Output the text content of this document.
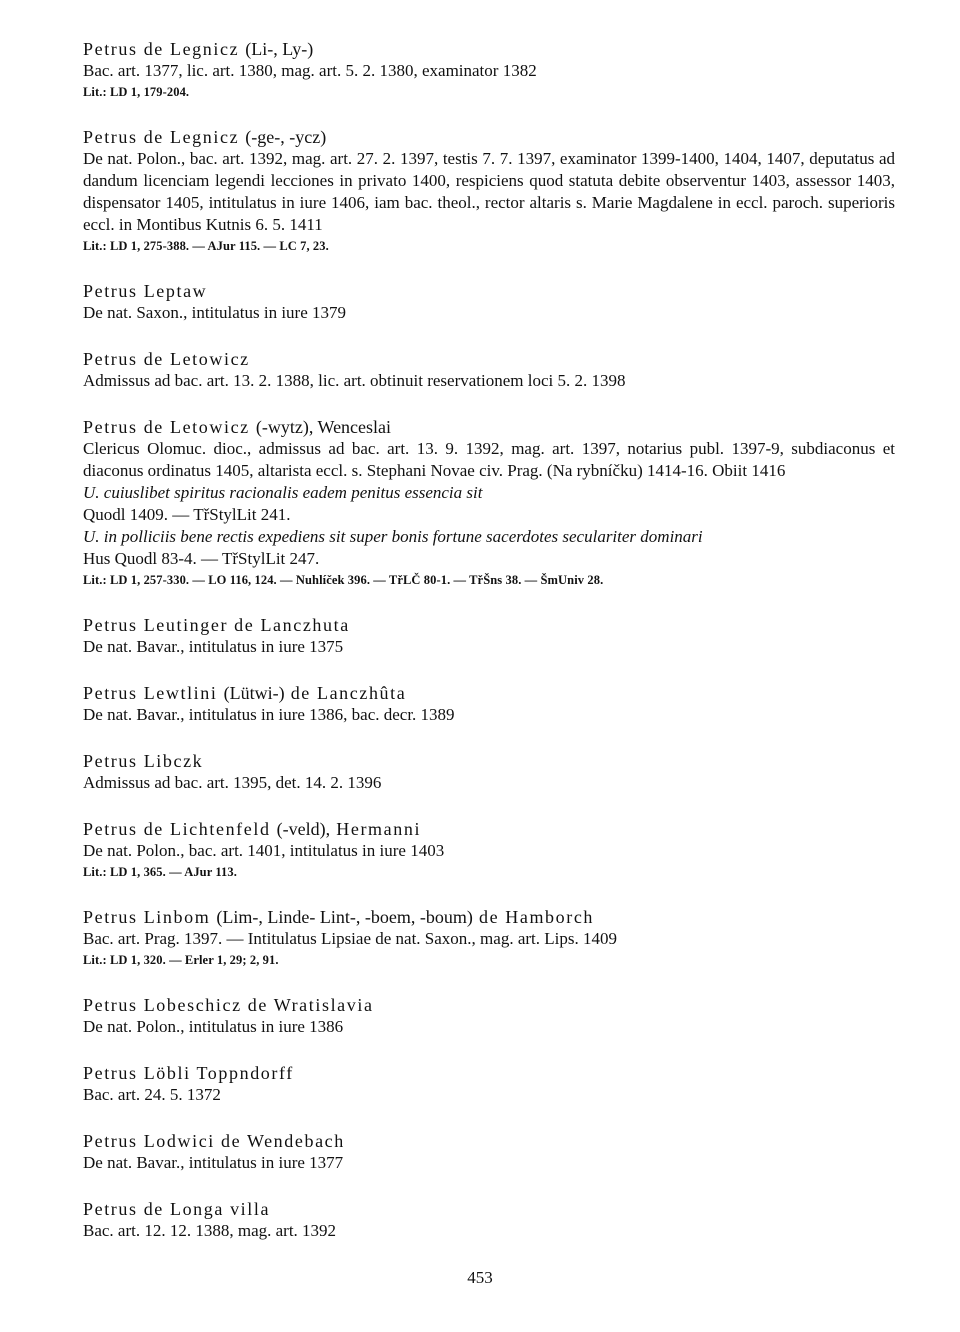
Petrus de Legnicz (Li-, Ly-)
Bac. art. 1377, lic. art. 1380, mag. art. 5. 2. 1380, examinator 1382
Lit.: LD 1, 179-204.
Petrus de Legnicz (-ge-, -ycz)
De nat. Polon., bac. art. 1392, mag. art. 27. 2. 1397, testis 7. 7. 1397, examinator 1399-1400, 1404, 1407, deputatus ad dandum licenciam legendi lecciones in privato 1400, respiciens quod statuta debite observentur 1403, assessor 1403, dispensator 1405, intitulatus in iure 1406, iam bac. theol., rector altaris s. Marie Magdalene in eccl. paroch. superioris eccl. in Montibus Kutnis 6. 5. 1411
Lit.: LD 1, 275-388. — AJur 115. — LC 7, 23.
Petrus Leptaw
De nat. Saxon., intitulatus in iure 1379
Petrus de Letowicz
Admissus ad bac. art. 13. 2. 1388, lic. art. obtinuit reservationem loci 5. 2. 1398
Petrus de Letowicz (-wytz), Wenceslai
Clericus Olomuc. dioc., admissus ad bac. art. 13. 9. 1392, mag. art. 1397, notarius publ. 1397-9, subdiaconus et diaconus ordinatus 1405, altarista eccl. s. Stephani Novae civ. Prag. (Na rybníčku) 1414-16. Obiit 1416
U. cuiuslibet spiritus racionalis eadem penitus essencia sit
Quodl 1409. — TřStylLit 241.
U. in polliciis bene rectis expediens sit super bonis fortune sacerdotes seculariter dominari
Hus Quodl 83-4. — TřStylLit 247.
Lit.: LD 1, 257-330. — LO 116, 124. — Nuhlíček 396. — TřLČ 80-1. — TřŠns 38. — ŠmUniv 28.
Petrus Leutinger de Lanczhuta
De nat. Bavar., intitulatus in iure 1375
Petrus Lewtlini (Lütwi-) de Lanczhûta
De nat. Bavar., intitulatus in iure 1386, bac. decr. 1389
Petrus Libczk
Admissus ad bac. art. 1395, det. 14. 2. 1396
Petrus de Lichtenfeld (-veld), Hermanni
De nat. Polon., bac. art. 1401, intitulatus in iure 1403
Lit.: LD 1, 365. — AJur 113.
Petrus Linbom (Lim-, Linde- Lint-, -boem, -boum) de Hamborch
Bac. art. Prag. 1397. — Intitulatus Lipsiae de nat. Saxon., mag. art. Lips. 1409
Lit.: LD 1, 320. — Erler 1, 29; 2, 91.
Petrus Lobeschicz de Wratislavia
De nat. Polon., intitulatus in iure 1386
Petrus Löbli Toppndorff
Bac. art. 24. 5. 1372
Petrus Lodwici de Wendebach
De nat. Bavar., intitulatus in iure 1377
Petrus de Longa villa
Bac. art. 12. 12. 1388, mag. art. 1392
453
